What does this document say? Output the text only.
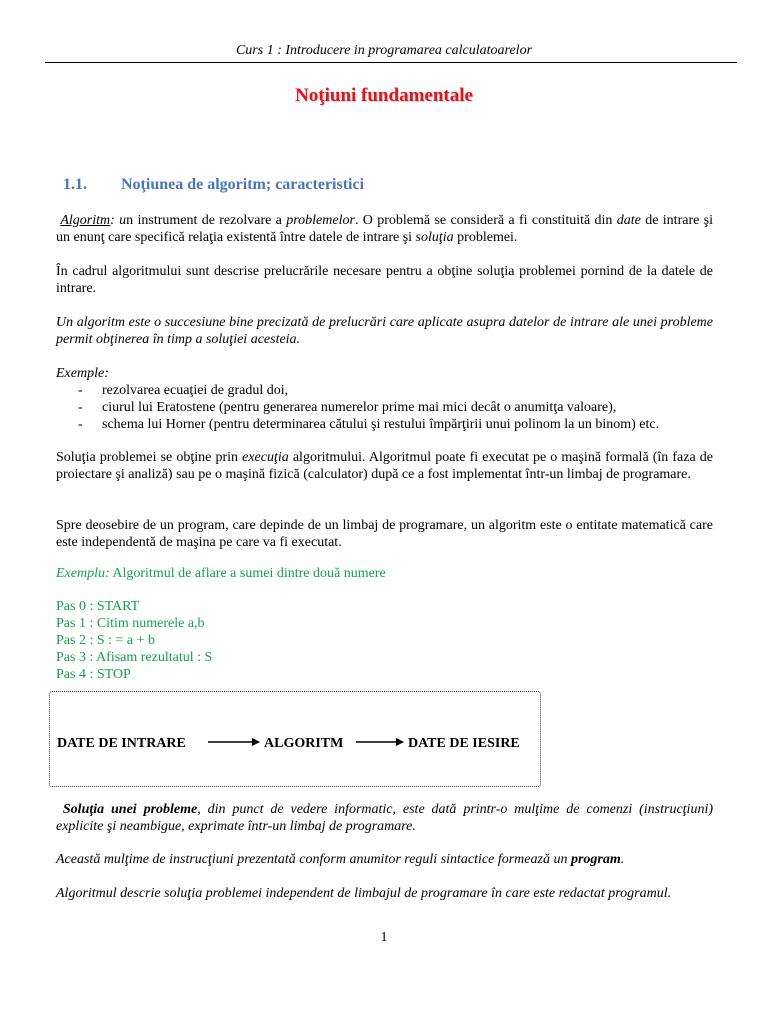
Curs 1 : Introducere in programarea calculatoarelor
Noţiuni fundamentale
1.1. Noţiunea de algoritm; caracteristici
Algoritm: un instrument de rezolvare a problemelor. O problemă se consideră a fi constituită din date de intrare şi un enunţ care specifică relaţia existentă între datele de intrare şi soluţia problemei.
În cadrul algoritmului sunt descrise prelucrările necesare pentru a obţine soluţia problemei pornind de la datele de intrare.
Un algoritm este o succesiune bine precizată de prelucrări care aplicate asupra datelor de intrare ale unei probleme permit obţinerea în timp a soluţiei acesteia.
Exemple:
- rezolvarea ecuaţiei de gradul doi,
- ciurul lui Eratostene (pentru generarea numerelor prime mai mici decât o anumitţa valoare),
- schema lui Horner (pentru determinarea cătului şi restului împărţirii unui polinom la un binom) etc.
Soluţia problemei se obţine prin execuţia algoritmului. Algoritmul poate fi executat pe o maşină formală (în faza de proiectare şi analiză) sau pe o maşină fizică (calculator) după ce a fost implementat într-un limbaj de programare.
Spre deosebire de un program, care depinde de un limbaj de programare, un algoritm este o entitate matematică care este independentă de maşina pe care va fi executat.
Exemplu: Algoritmul de aflare a sumei dintre două numere
Pas 0 : START
Pas 1 : Citim numerele a,b
Pas 2 : S : = a + b
Pas 3 : Afisam rezultatul : S
Pas 4 : STOP
DATE DE INTRARE	ALGORITM	DATE DE IESIRE
Soluţia unei probleme, din punct de vedere informatic, este dată printr-o mulţime de comenzi (instrucţiuni) explicite şi neambigue, exprimate într-un limbaj de programare.
Această mulţime de instrucţiuni prezentată conform anumitor reguli sintactice formează un program.
Algoritmul descrie soluţia problemei independent de limbajul de programare în care este redactat programul.
1
